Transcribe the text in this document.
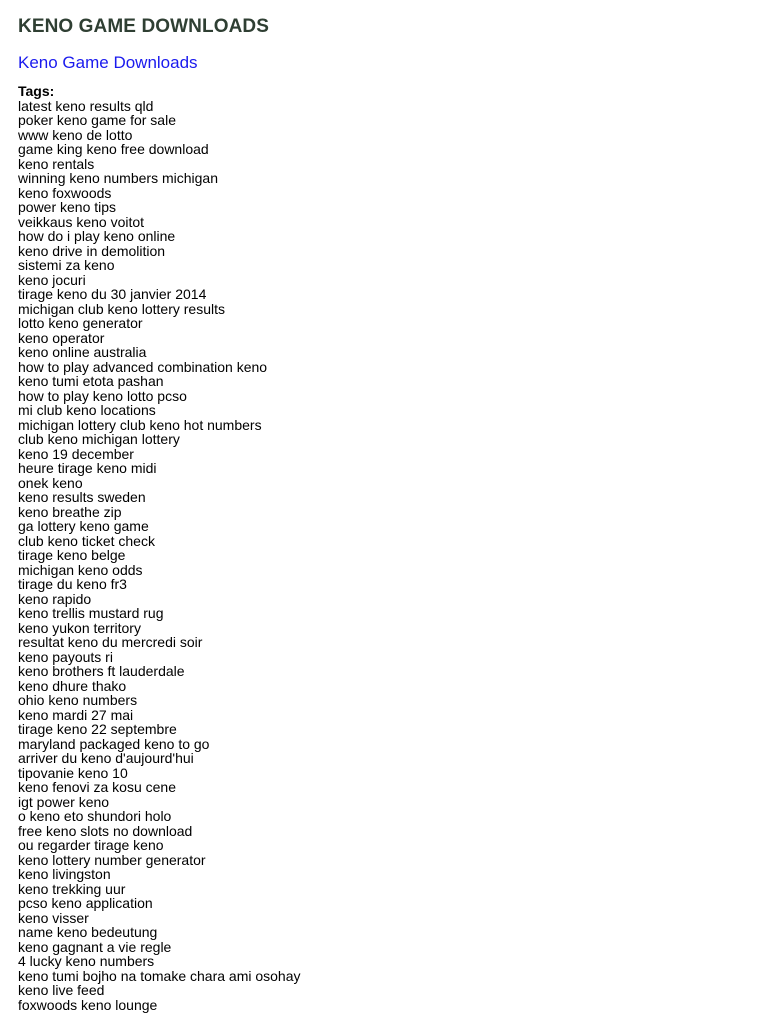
KENO GAME DOWNLOADS
Keno Game Downloads
Tags:
latest keno results qld
poker keno game for sale
www keno de lotto
game king keno free download
keno rentals
winning keno numbers michigan
keno foxwoods
power keno tips
veikkaus keno voitot
how do i play keno online
keno drive in demolition
sistemi za keno
keno jocuri
tirage keno du 30 janvier 2014
michigan club keno lottery results
lotto keno generator
keno operator
keno online australia
how to play advanced combination keno
keno tumi etota pashan
how to play keno lotto pcso
mi club keno locations
michigan lottery club keno hot numbers
club keno michigan lottery
keno 19 december
heure tirage keno midi
onek keno
keno results sweden
keno breathe zip
ga lottery keno game
club keno ticket check
tirage keno belge
michigan keno odds
tirage du keno fr3
keno rapido
keno trellis mustard rug
keno yukon territory
resultat keno du mercredi soir
keno payouts ri
keno brothers ft lauderdale
keno dhure thako
ohio keno numbers
keno mardi 27 mai
tirage keno 22 septembre
maryland packaged keno to go
arriver du keno d'aujourd'hui
tipovanie keno 10
keno fenovi za kosu cene
igt power keno
o keno eto shundori holo
free keno slots no download
ou regarder tirage keno
keno lottery number generator
keno livingston
keno trekking uur
pcso keno application
keno visser
name keno bedeutung
keno gagnant a vie regle
4 lucky keno numbers
keno tumi bojho na tomake chara ami osohay
keno live feed
foxwoods keno lounge
